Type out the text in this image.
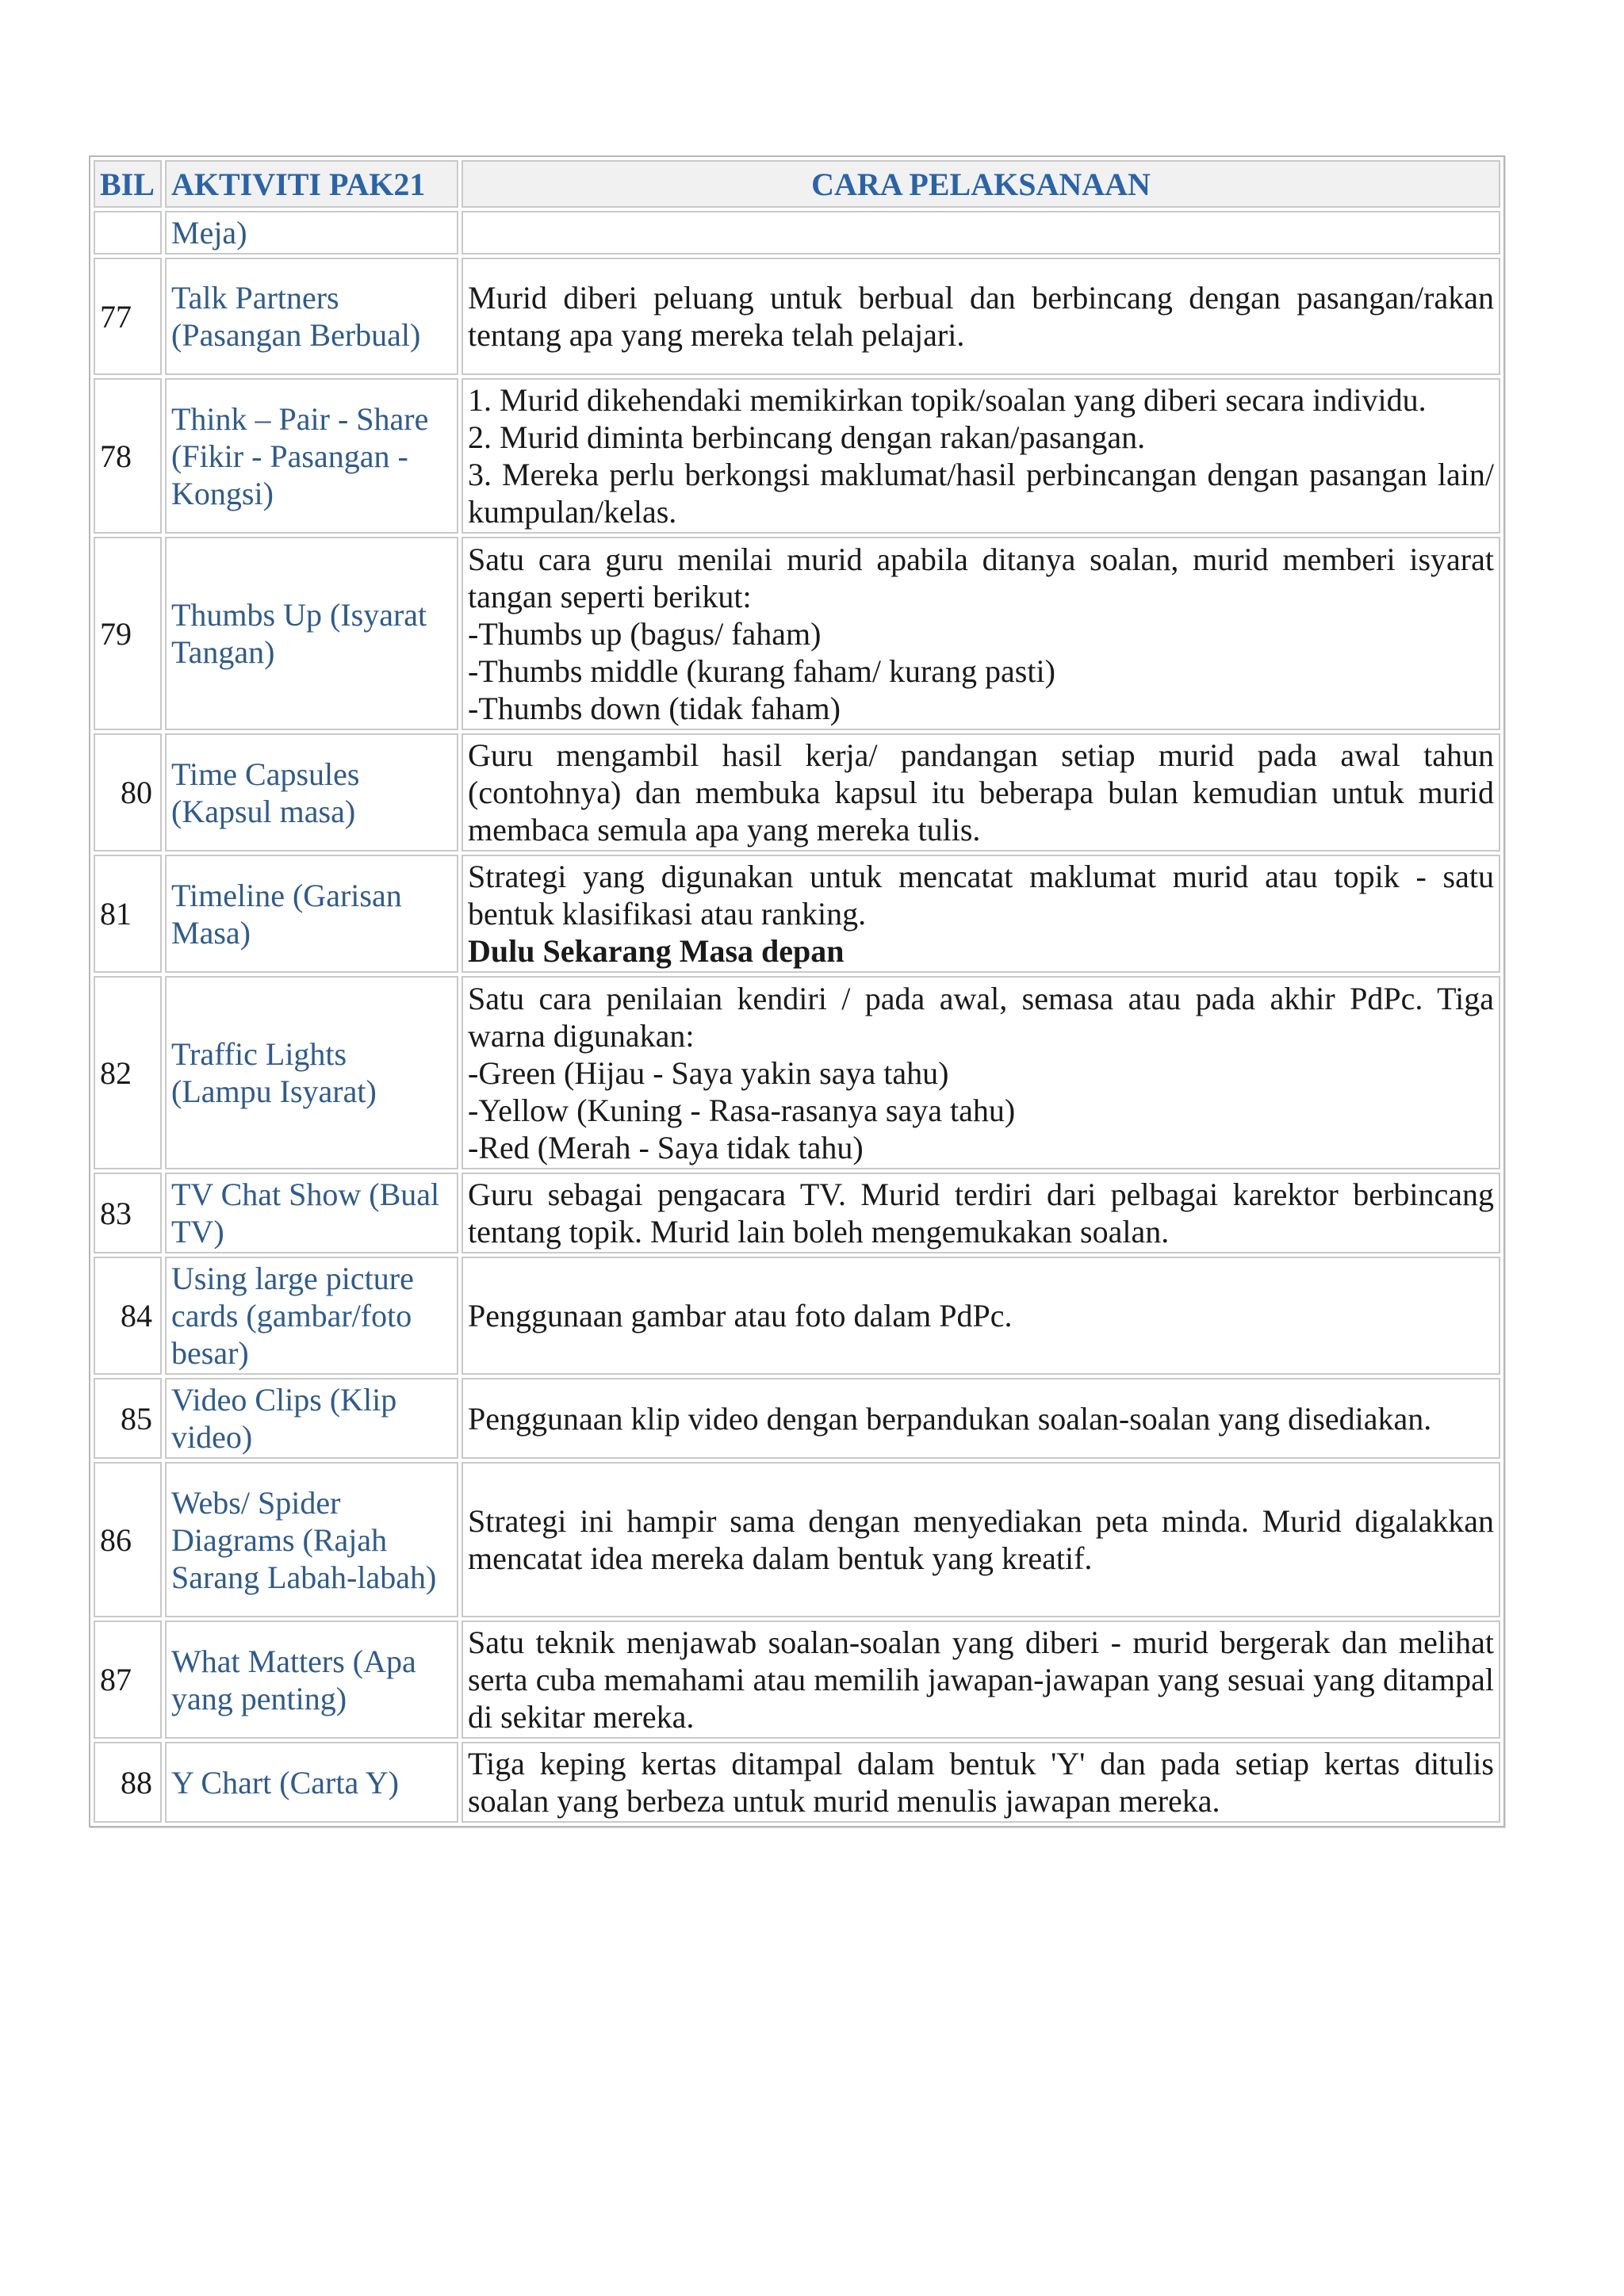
BIL	AKTIVITI PAK21	CARA PELAKSANAAN
	Meja)	

77	Talk Partners (Pasangan Berbual)	Murid diberi peluang untuk berbual dan berbincang dengan pasangan/rakan tentang apa yang mereka telah pelajari.

78	Think – Pair - Share (Fikir - Pasangan - Kongsi)	1. Murid dikehendaki memikirkan topik/soalan yang diberi secara individu.
2. Murid diminta berbincang dengan rakan/pasangan.
3. Mereka perlu berkongsi maklumat/hasil perbincangan dengan pasangan lain/ kumpulan/kelas.

79	Thumbs Up (Isyarat Tangan)	Satu cara guru menilai murid apabila ditanya soalan, murid memberi isyarat tangan seperti berikut:
-Thumbs up (bagus/ faham)
-Thumbs middle (kurang faham/ kurang pasti)
-Thumbs down (tidak faham)

80	Time Capsules (Kapsul masa)	Guru mengambil hasil kerja/ pandangan setiap murid pada awal tahun (contohnya) dan membuka kapsul itu beberapa bulan kemudian untuk murid membaca semula apa yang mereka tulis.

81	Timeline (Garisan Masa)	Strategi yang digunakan untuk mencatat maklumat murid atau topik - satu bentuk klasifikasi atau ranking.
Dulu Sekarang Masa depan

82	Traffic Lights (Lampu Isyarat)	Satu cara penilaian kendiri / pada awal, semasa atau pada akhir PdPc. Tiga warna digunakan:
-Green (Hijau - Saya yakin saya tahu)
-Yellow (Kuning - Rasa-rasanya saya tahu)
-Red (Merah - Saya tidak tahu)

83	TV Chat Show (Bual TV)	Guru sebagai pengacara TV. Murid terdiri dari pelbagai karektor berbincang tentang topik. Murid lain boleh mengemukakan soalan.

84	Using large picture cards (gambar/foto besar)	Penggunaan gambar atau foto dalam PdPc.

85	Video Clips (Klip video)	Penggunaan klip video dengan berpandukan soalan-soalan yang disediakan.

86	Webs/ Spider Diagrams (Rajah Sarang Labah-labah)	Strategi ini hampir sama dengan menyediakan peta minda. Murid digalakkan mencatat idea mereka dalam bentuk yang kreatif.

87	What Matters (Apa yang penting)	Satu teknik menjawab soalan-soalan yang diberi - murid bergerak dan melihat serta cuba memahami atau memilih jawapan-jawapan yang sesuai yang ditampal di sekitar mereka.

88	Y Chart (Carta Y)	Tiga keping kertas ditampal dalam bentuk 'Y' dan pada setiap kertas ditulis soalan yang berbeza untuk murid menulis jawapan mereka.
